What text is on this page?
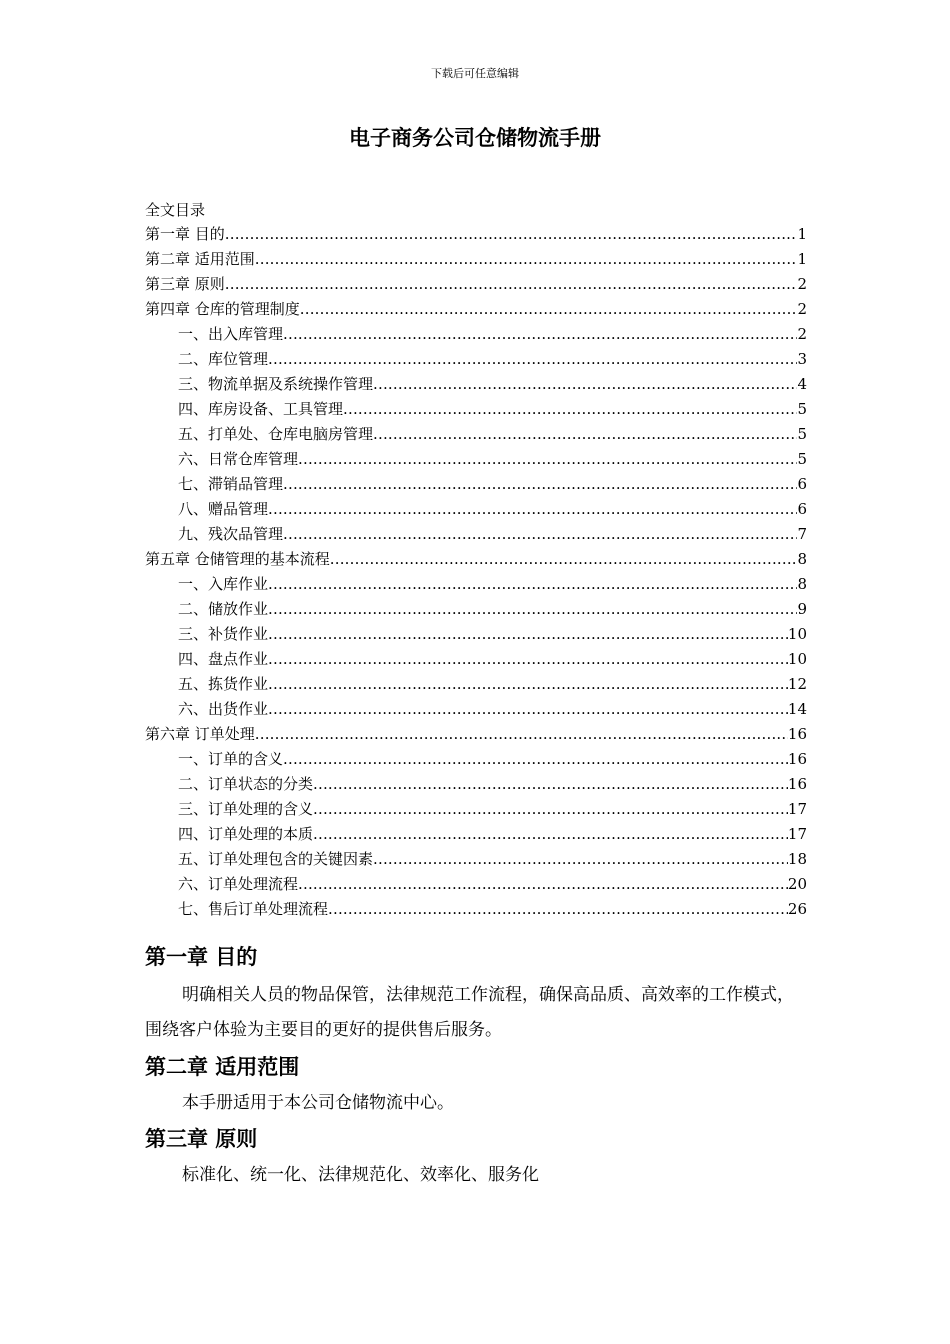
下载后可任意编辑
电子商务公司仓储物流手册
全文目录
第一章 目的 .....	1
第二章 适用范围 .....	1
第三章 原则 .....	2
第四章 仓库的管理制度 .....	2
一、出入库管理 .....	2
二、库位管理 .....	3
三、物流单据及系统操作管理 .....	4
四、库房设备、工具管理 .....	5
五、打单处、仓库电脑房管理 .....	5
六、日常仓库管理 .....	5
七、滞销品管理 .....	6
八、赠品管理 .....	6
九、残次品管理 .....	7
第五章 仓储管理的基本流程 .....	8
一、入库作业 .....	8
二、储放作业 .....	9
三、补货作业 .....	10
四、盘点作业 .....	10
五、拣货作业 .....	12
六、出货作业 .....	14
第六章 订单处理 .....	16
一、订单的含义 .....	16
二、订单状态的分类 .....	16
三、订单处理的含义 .....	17
四、订单处理的本质 .....	17
五、订单处理包含的关键因素 .....	18
六、订单处理流程 .....	20
七、售后订单处理流程 .....	26
第一章 目的

明确相关人员的物品保管，法律规范工作流程，确保高品质、高效率的工作模式，围绕客户体验为主要目的更好的提供售后服务。

第二章 适用范围

本手册适用于本公司仓储物流中心。

第三章 原则

标准化、统一化、法律规范化、效率化、服务化
